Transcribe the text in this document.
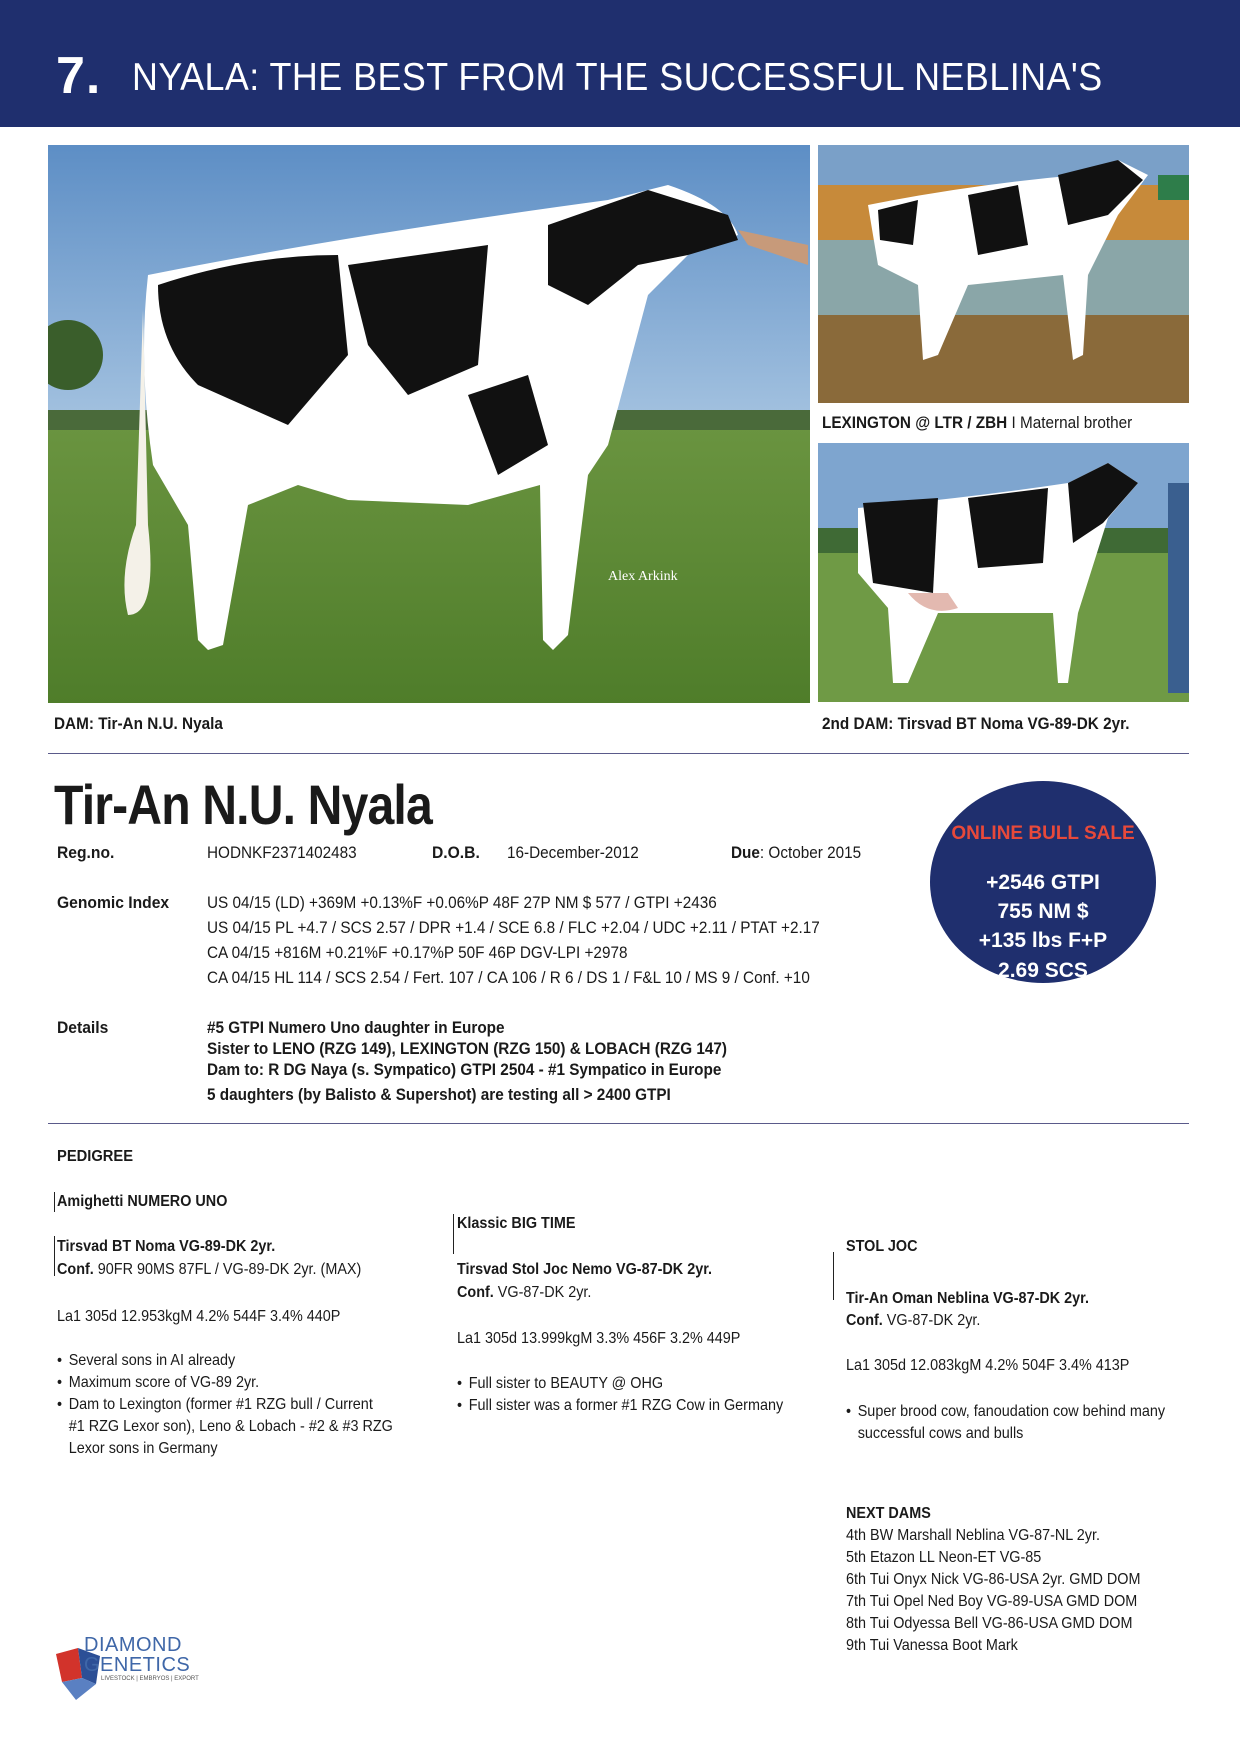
7. NYALA: THE BEST FROM THE SUCCESSFUL NEBLINA'S
Alex Arkink
DAM: Tir-An N.U. Nyala
LEXINGTON @ LTR / ZBH I Maternal brother
2nd DAM: Tirsvad BT Noma VG-89-DK 2yr.
Tir-An N.U. Nyala
Reg.no.	HODNKF2371402483	D.O.B. 16-December-2012	Due: October 2015
Genomic Index US 04/15 (LD) +369M +0.13%F +0.06%P 48F 27P NM $ 577 / GTPI +2436
US 04/15 PL +4.7 / SCS 2.57 / DPR +1.4 / SCE 6.8 / FLC +2.04 / UDC +2.11 / PTAT +2.17
CA 04/15 +816M +0.21%F +0.17%P 50F 46P DGV-LPI +2978
CA 04/15 HL 114 / SCS 2.54 / Fert. 107 / CA 106 / R 6 / DS 1 / F&L 10 / MS 9 / Conf. +10
Details	#5 GTPI Numero Uno daughter in Europe
Sister to LENO (RZG 149), LEXINGTON (RZG 150) & LOBACH (RZG 147)
Dam to: R DG Naya (s. Sympatico) GTPI 2504 - #1 Sympatico in Europe
5 daughters (by Balisto & Supershot) are testing all > 2400 GTPI
ONLINE BULL SALE
+2546 GTPI
755 NM $
+135 lbs F+P
2.69 SCS
PEDIGREE
Amighetti NUMERO UNO
Tirsvad BT Noma VG-89-DK 2yr.
Conf. 90FR 90MS 87FL / VG-89-DK 2yr. (MAX)
La1 305d 12.953kgM 4.2% 544F 3.4% 440P
• Several sons in AI already
• Maximum score of VG-89 2yr.
• Dam to Lexington (former #1 RZG bull / Current
#1 RZG Lexor son), Leno & Lobach - #2 & #3 RZG
Lexor sons in Germany
Klassic BIG TIME
Tirsvad Stol Joc Nemo VG-87-DK 2yr.
Conf. VG-87-DK 2yr.
La1 305d 13.999kgM 3.3% 456F 3.2% 449P
• Full sister to BEAUTY @ OHG
• Full sister was a former #1 RZG Cow in Germany
STOL JOC
Tir-An Oman Neblina VG-87-DK 2yr.
Conf. VG-87-DK 2yr.
La1 305d 12.083kgM 4.2% 504F 3.4% 413P
• Super brood cow, fanoudation cow behind many
successful cows and bulls
NEXT DAMS
4th BW Marshall Neblina VG-87-NL 2yr.
5th Etazon LL Neon-ET VG-85
6th Tui Onyx Nick VG-86-USA 2yr. GMD DOM
7th Tui Opel Ned Boy VG-89-USA GMD DOM
8th Tui Odyessa Bell VG-86-USA GMD DOM
9th Tui Vanessa Boot Mark
DIAMOND
GENETICS
LIVESTOCK | EMBRYOS | EXPORT
